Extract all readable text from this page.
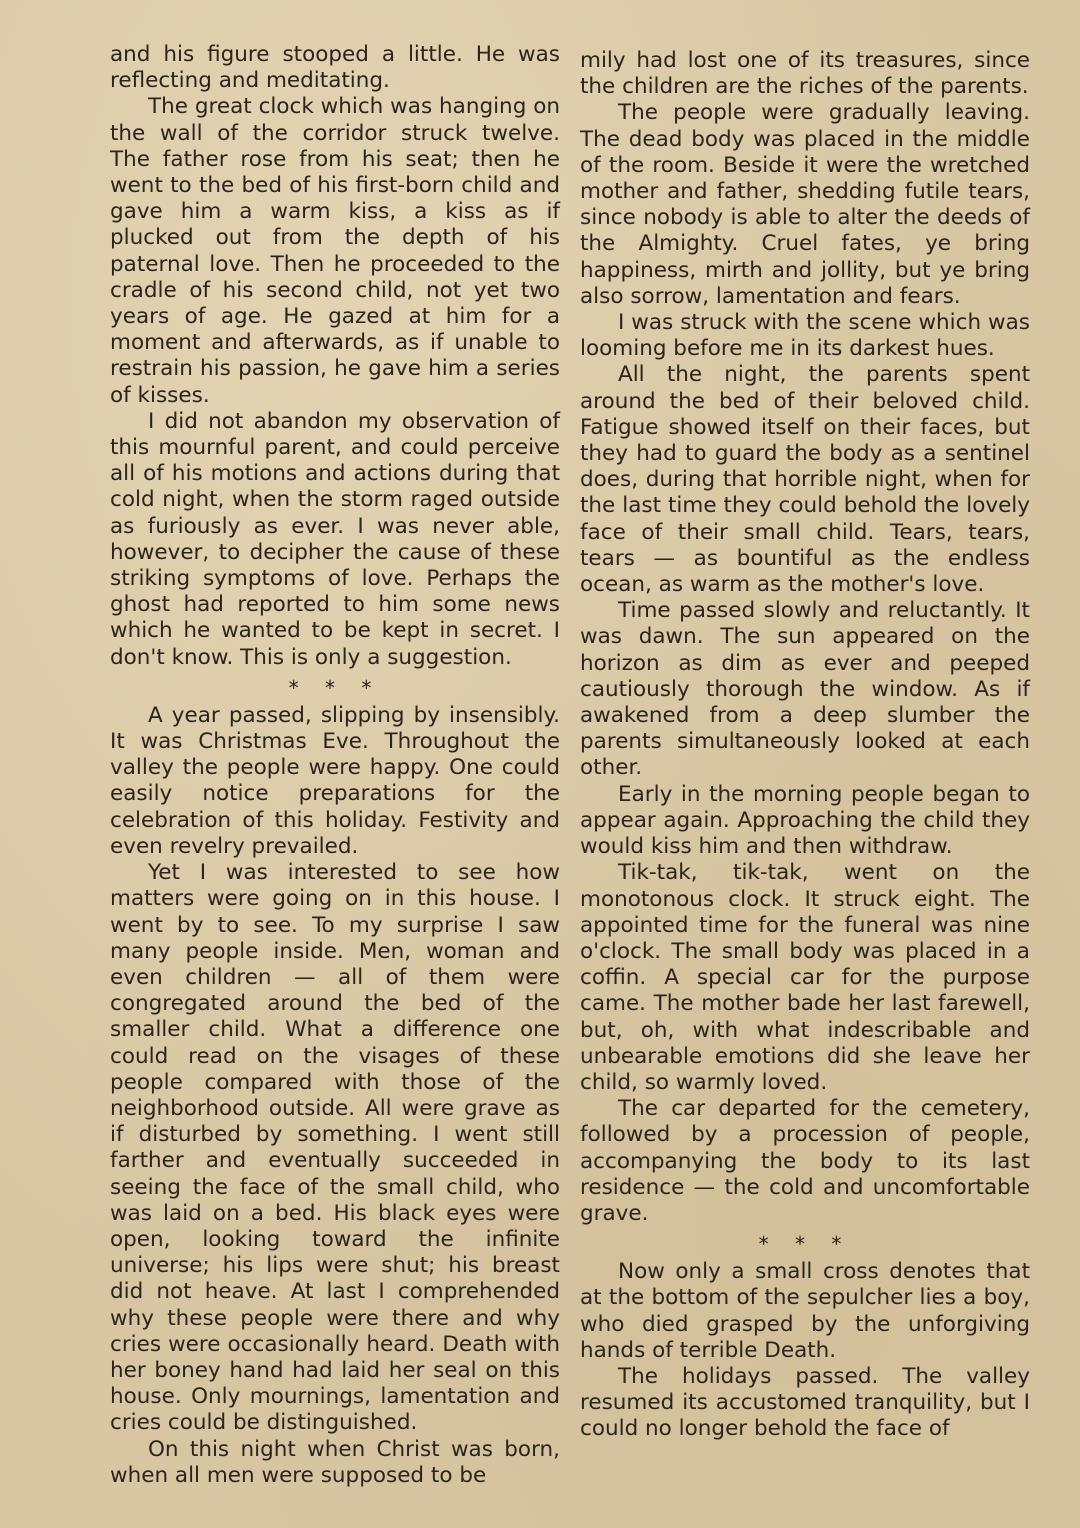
and his figure stooped a little. He was reflecting and meditating.

The great clock which was hanging on the wall of the corridor struck twelve. The father rose from his seat; then he went to the bed of his first-born child and gave him a warm kiss, a kiss as if plucked out from the depth of his paternal love. Then he proceeded to the cradle of his second child, not yet two years of age. He gazed at him for a moment and afterwards, as if unable to restrain his passion, he gave him a series of kisses.

I did not abandon my observation of this mournful parent, and could perceive all of his motions and actions during that cold night, when the storm raged outside as furiously as ever. I was never able, however, to decipher the cause of these striking symptoms of love. Perhaps the ghost had reported to him some news which he wanted to be kept in secret. I don't know. This is only a suggestion.

* * *

A year passed, slipping by insensibly. It was Christmas Eve. Throughout the valley the people were happy. One could easily notice preparations for the celebration of this holiday. Festivity and even revelry prevailed.

Yet I was interested to see how matters were going on in this house. I went by to see. To my surprise I saw many people inside. Men, woman and even children — all of them were congregated around the bed of the smaller child. What a difference one could read on the visages of these people compared with those of the neighborhood outside. All were grave as if disturbed by something. I went still farther and eventually succeeded in seeing the face of the small child, who was laid on a bed. His black eyes were open, looking toward the infinite universe; his lips were shut; his breast did not heave. At last I comprehended why these people were there and why cries were occasionally heard. Death with her boney hand had laid her seal on this house. Only mournings, lamentation and cries could be distinguished.

On this night when Christ was born, when all men were supposed to be

mily had lost one of its treasures, since the children are the riches of the parents.

The people were gradually leaving. The dead body was placed in the middle of the room. Beside it were the wretched mother and father, shedding futile tears, since nobody is able to alter the deeds of the Almighty. Cruel fates, ye bring happiness, mirth and jollity, but ye bring also sorrow, lamentation and fears.

I was struck with the scene which was looming before me in its darkest hues.

All the night, the parents spent around the bed of their beloved child. Fatigue showed itself on their faces, but they had to guard the body as a sentinel does, during that horrible night, when for the last time they could behold the lovely face of their small child. Tears, tears, tears — as bountiful as the endless ocean, as warm as the mother's love.

Time passed slowly and reluctantly. It was dawn. The sun appeared on the horizon as dim as ever and peeped cautiously thorough the window. As if awakened from a deep slumber the parents simultaneously looked at each other.

Early in the morning people began to appear again. Approaching the child they would kiss him and then withdraw.

Tik-tak, tik-tak, went on the monotonous clock. It struck eight. The appointed time for the funeral was nine o'clock. The small body was placed in a coffin. A special car for the purpose came. The mother bade her last farewell, but, oh, with what indescribable and unbearable emotions did she leave her child, so warmly loved.

The car departed for the cemetery, followed by a procession of people, accompanying the body to its last residence — the cold and uncomfortable grave.

* * *

Now only a small cross denotes that at the bottom of the sepulcher lies a boy, who died grasped by the unforgiving hands of terrible Death.

The holidays passed. The valley resumed its accustomed tranquility, but I could no longer behold the face of
